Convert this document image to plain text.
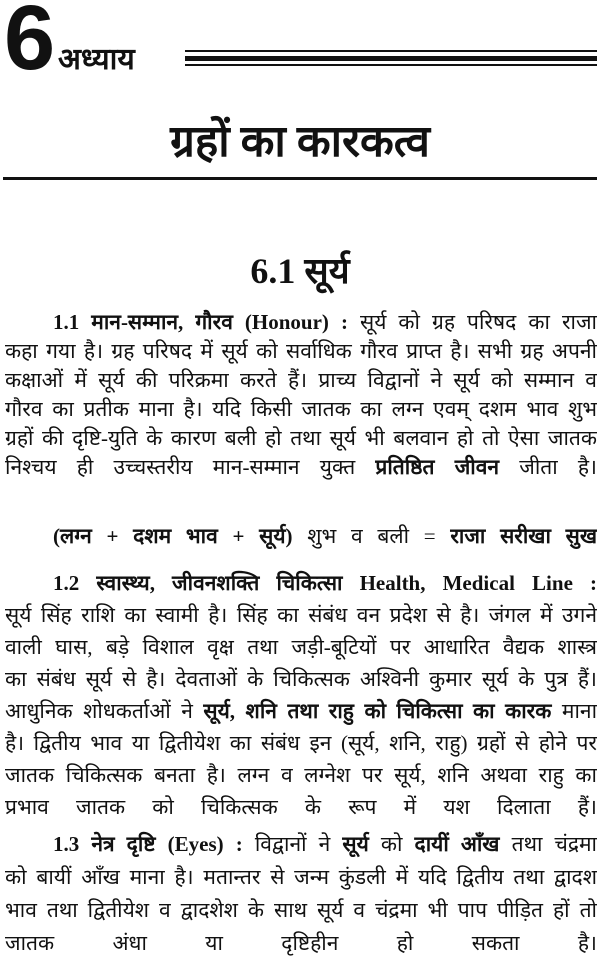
6 अध्याय
ग्रहों का कारकत्व
6.1 सूर्य
1.1 मान-सम्मान, गौरव (Honour) : सूर्य को ग्रह परिषद का राजा
कहा गया है। ग्रह परिषद में सूर्य को सर्वाधिक गौरव प्राप्त है। सभी ग्रह अपनी
कक्षाओं में सूर्य की परिक्रमा करते हैं। प्राच्य विद्वानों ने सूर्य को सम्मान व
गौरव का प्रतीक माना है। यदि किसी जातक का लग्न एवम् दशम भाव शुभ
ग्रहों की दृष्टि-युति के कारण बली हो तथा सूर्य भी बलवान हो तो ऐसा जातक
निश्चय ही उच्चस्तरीय मान-सम्मान युक्त प्रतिष्ठित जीवन जीता है।
(लग्न + दशम भाव + सूर्य) शुभ व बली = राजा सरीखा सुख
1.2 स्वास्थ्य, जीवनशक्ति चिकित्सा Health, Medical Line :
सूर्य सिंह राशि का स्वामी है। सिंह का संबंध वन प्रदेश से है। जंगल में उगने
वाली घास, बड़े विशाल वृक्ष तथा जड़ी-बूटियों पर आधारित वैद्यक शास्त्र
का संबंध सूर्य से है। देवताओं के चिकित्सक अश्विनी कुमार सूर्य के पुत्र हैं।
आधुनिक शोधकर्ताओं ने सूर्य, शनि तथा राहु को चिकित्सा का कारक माना
है। द्वितीय भाव या द्वितीयेश का संबंध इन (सूर्य, शनि, राहु) ग्रहों से होने पर
जातक चिकित्सक बनता है। लग्न व लग्नेश पर सूर्य, शनि अथवा राहु का
प्रभाव जातक को चिकित्सक के रूप में यश दिलाता हैं।
1.3 नेत्र दृष्टि (Eyes) : विद्वानों ने सूर्य को दायीं आँख तथा चंद्रमा
को बायीं आँख माना है। मतान्तर से जन्म कुंडली में यदि द्वितीय तथा द्वादश
भाव तथा द्वितीयेश व द्वादशेश के साथ सूर्य व चंद्रमा भी पाप पीड़ित हों तो
जातक अंधा या दृष्टिहीन हो सकता है।
